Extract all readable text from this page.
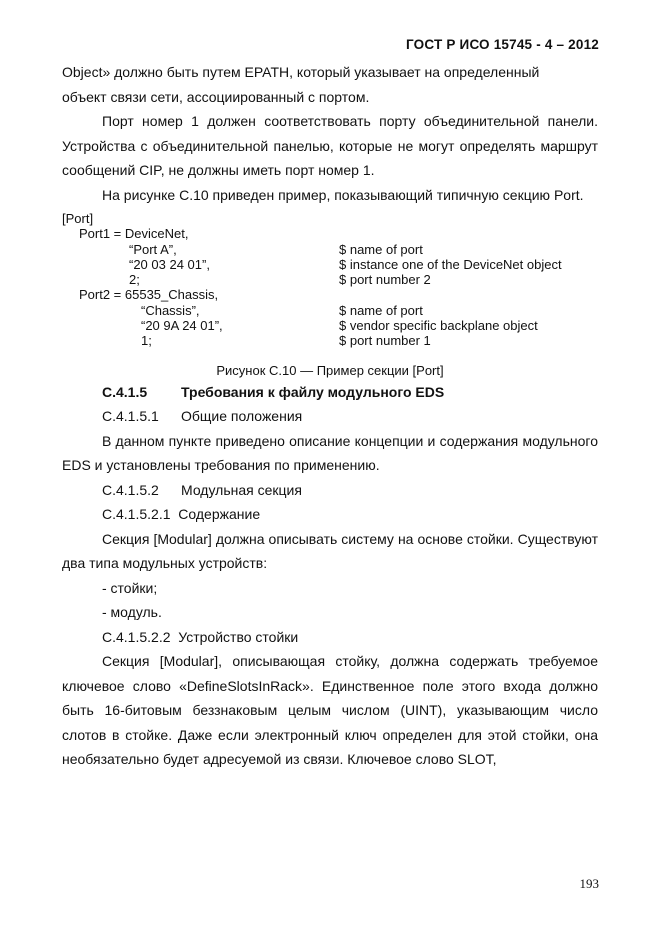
ГОСТ Р ИСО 15745 - 4 – 2012

Object» должно быть путем EPATH, который указывает на определенный

объект связи сети, ассоциированный с портом.

Порт номер 1 должен соответствовать порту объединительной панели. Устройства с объединительной панелью, которые не могут определять маршрут сообщений CIP, не должны иметь порт номер 1.

На рисунке С.10 приведен пример, показывающий типичную секцию Port.

[Port]
Port1 = DeviceNet,
“Port A”,	$ name of port
“20 03 24 01”,	$ instance one of the DeviceNet object
2;	$ port number 2
Port2 = 65535_Chassis,
“Chassis”,	$ name of port
“20 9A 24 01”,	$ vendor specific backplane object
1;	$ port number 1
Рисунок С.10 — Пример секции [Port]

С.4.1.5 Требования к файлу модульного EDS

С.4.1.5.1 Общие положения

В данном пункте приведено описание концепции и содержания модульного EDS и установлены требования по применению.

С.4.1.5.2 Модульная секция

С.4.1.5.2.1 Содержание

Секция [Modular] должна описывать систему на основе стойки. Существуют два типа модульных устройств:

- стойки;

- модуль.

С.4.1.5.2.2 Устройство стойки

Секция [Modular], описывающая стойку, должна содержать требуемое ключевое слово «DefineSlotsInRack». Единственное поле этого входа должно быть 16-битовым беззнаковым целым числом (UINT), указывающим число слотов в стойке. Даже если электронный ключ определен для этой стойки, она необязательно будет адресуемой из связи. Ключевое слово SLOT,

193
